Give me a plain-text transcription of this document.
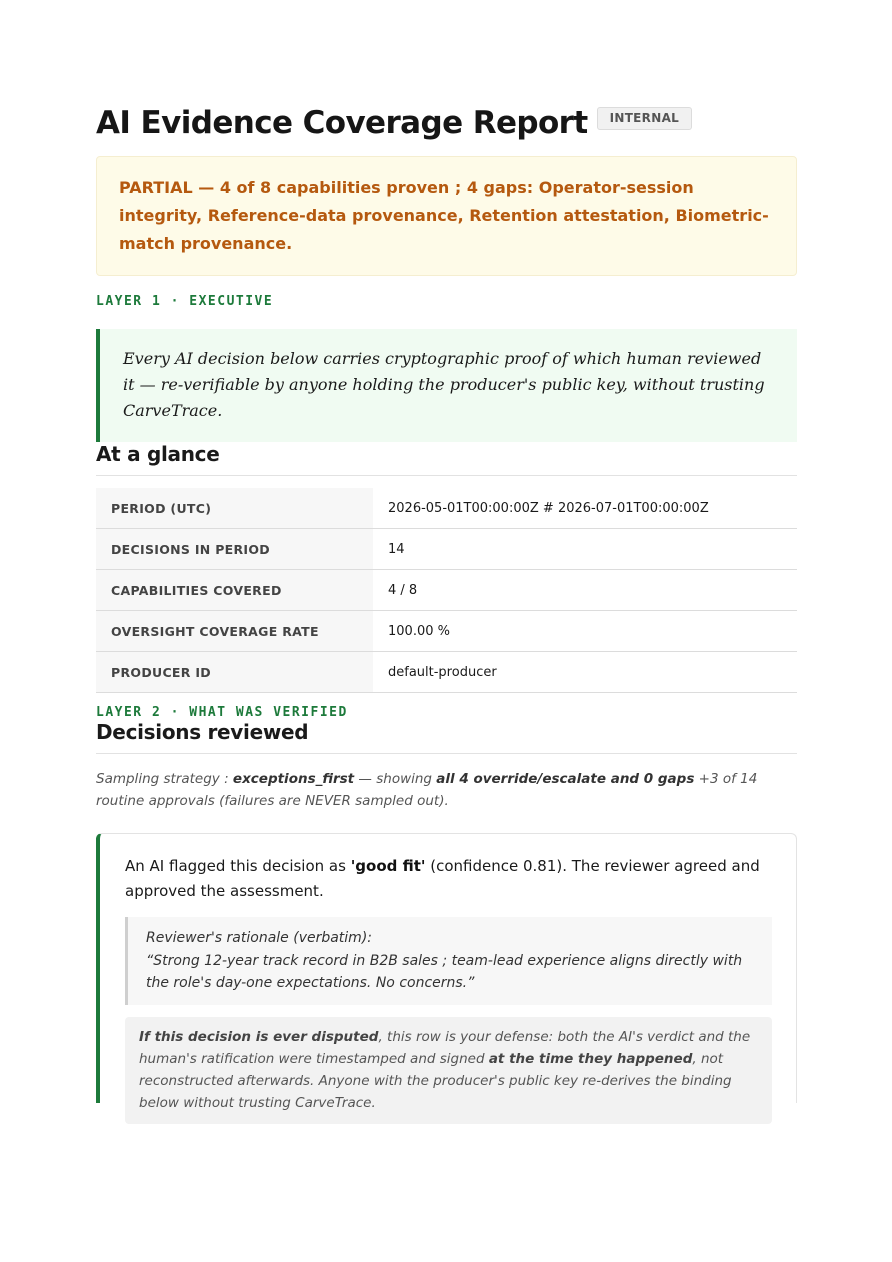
AI Evidence Coverage Report	INTERNAL
PARTIAL — 4 of 8 capabilities proven ; 4 gaps: Operator-session integrity, Reference-data provenance, Retention attestation, Biometric-match provenance.
LAYER 1 · EXECUTIVE
Every AI decision below carries cryptographic proof of which human reviewed it — re-verifiable by anyone holding the producer's public key, without trusting CarveTrace.
At a glance
PERIOD (UTC)	2026-05-01T00:00:00Z # 2026-07-01T00:00:00Z
DECISIONS IN PERIOD	14
CAPABILITIES COVERED	4 / 8
OVERSIGHT COVERAGE RATE	100.00 %
PRODUCER ID	default-producer
LAYER 2 · WHAT WAS VERIFIED
Decisions reviewed
Sampling strategy : exceptions_first — showing all 4 override/escalate and 0 gaps +3 of 14 routine approvals (failures are NEVER sampled out).
An AI flagged this decision as 'good fit' (confidence 0.81). The reviewer agreed and approved the assessment.
Reviewer's rationale (verbatim):
“Strong 12-year track record in B2B sales ; team-lead experience aligns directly with the role's day-one expectations. No concerns.”
If this decision is ever disputed, this row is your defense: both the AI's verdict and the human's ratification were timestamped and signed at the time they happened, not reconstructed afterwards. Anyone with the producer's public key re-derives the binding below without trusting CarveTrace.
